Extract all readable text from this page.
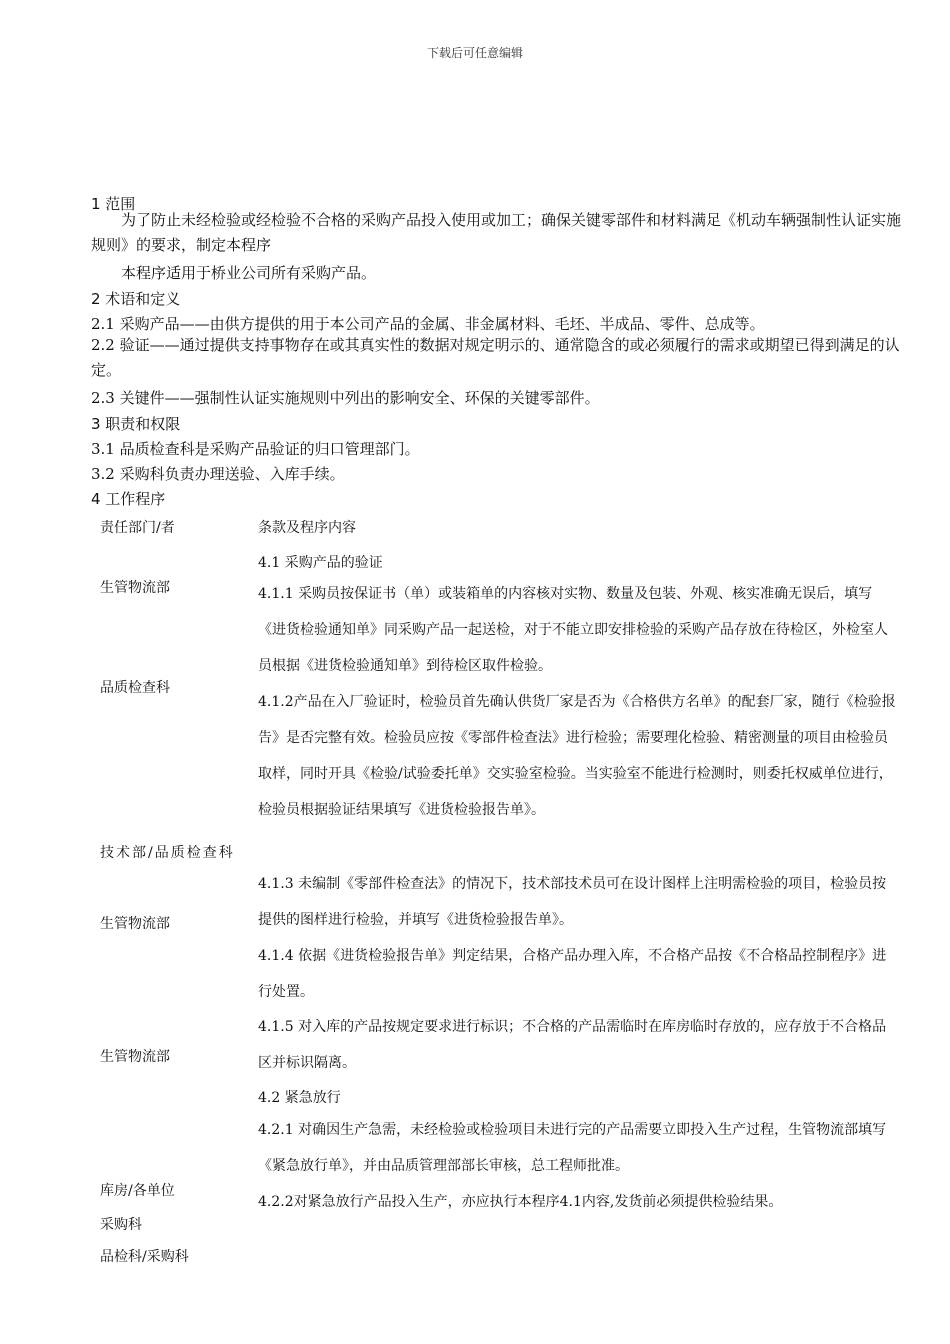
下载后可任意编辑
1 范围
为了防止未经检验或经检验不合格的采购产品投入使用或加工；确保关键零部件和材料满足《机动车辆强制性认证实施规则》的要求，制定本程序
本程序适用于桥业公司所有采购产品。
2 术语和定义
2.1 采购产品——由供方提供的用于本公司产品的金属、非金属材料、毛坯、半成品、零件、总成等。
2.2 验证——通过提供支持事物存在或其真实性的数据对规定明示的、通常隐含的或必须履行的需求或期望已得到满足的认定。
2.3 关键件——强制性认证实施规则中列出的影响安全、环保的关键零部件。
3 职责和权限
3.1 品质检查科是采购产品验证的归口管理部门。
3.2 采购科负责办理送验、入库手续。
4 工作程序
责任部门/者	条款及程序内容
生管物流部
品质检查科
技术部/品质检查科
生管物流部
生管物流部
库房/各单位
采购科
品检科/采购科
4.1 采购产品的验证
4.1.1 采购员按保证书（单）或装箱单的内容核对实物、数量及包装、外观、核实准确无误后，填写《进货检验通知单》同采购产品一起送检，对于不能立即安排检验的采购产品存放在待检区，外检室人员根据《进货检验通知单》到待检区取件检验。
4.1.2产品在入厂验证时，检验员首先确认供货厂家是否为《合格供方名单》的配套厂家，随行《检验报告》是否完整有效。检验员应按《零部件检查法》进行检验；需要理化检验、精密测量的项目由检验员取样，同时开具《检验/试验委托单》交实验室检验。当实验室不能进行检测时，则委托权威单位进行，检验员根据验证结果填写《进货检验报告单》。
4.1.3 未编制《零部件检查法》的情况下，技术部技术员可在设计图样上注明需检验的项目，检验员按提供的图样进行检验，并填写《进货检验报告单》。
4.1.4 依据《进货检验报告单》判定结果，合格产品办理入库，不合格产品按《不合格品控制程序》进行处置。
4.1.5 对入库的产品按规定要求进行标识；不合格的产品需临时在库房临时存放的，应存放于不合格品区并标识隔离。
4.2 紧急放行
4.2.1 对确因生产急需，未经检验或检验项目未进行完的产品需要立即投入生产过程，生管物流部填写《紧急放行单》，并由品质管理部部长审核，总工程师批准。
4.2.2对紧急放行产品投入生产，亦应执行本程序4.1内容,发货前必须提供检验结果。
